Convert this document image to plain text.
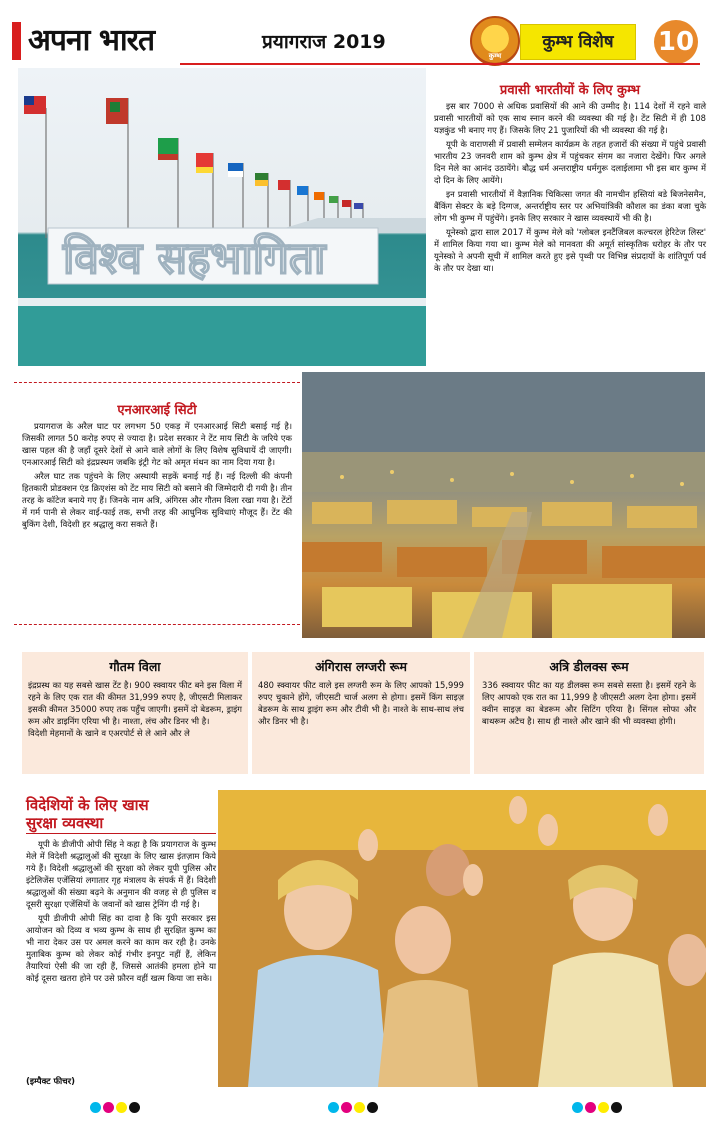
अपना भारत	प्रयागराज 2019
कुम्भ
कुम्भ विशेष	10
विश्व सहभागिता
प्रवासी भारतीयों के लिए कुम्भ

इस बार 7000 से अधिक प्रवासियों की आने की उम्मीद है। 114 देशों में रहने वाले प्रवासी भारतीयों को एक साथ स्नान करने की व्यवस्था की गई है। टेंट सिटी में ही 108 यज्ञकुंड भी बनाए गए हैं। जिसके लिए 21 पुजारियों की भी व्यवस्था की गई है।

यूपी के वाराणसी में प्रवासी सम्मेलन कार्यक्रम के तहत हजारों की संख्या में पहुंचे प्रवासी भारतीय 23 जनवरी शाम को कुम्भ क्षेत्र में पहुंचकर संगम का नजारा देखेंगे। फिर अगले दिन मेले का आनंद उठायेंगे। बौद्ध धर्म अन्तराष्ट्रीय धर्मगुरू दलाईलामा भी इस बार कुम्भ में दो दिन के लिए आयेंगे।

इन प्रवासी भारतीयों में वैज्ञानिक चिकित्सा जगत की नामचीन हस्तियां बडे बिजनेसमैन, बैंकिंग सेक्टर के बड़े दिग्गज, अन्तर्राष्ट्रीय स्तर पर अभियांत्रिकी कौशल का डंका बजा चुके लोग भी कुम्भ में पहुंचेंगे। इनके लिए सरकार ने खास व्यवस्थायें भी की है।

यूनेस्को द्वारा साल 2017 में कुम्भ मेले को 'ग्लोबल इनटैंजिबल कल्चरल हेरिटेज लिस्ट' में शामिल किया गया था। कुम्भ मेले को मानवता की अमूर्त सांस्कृतिक धरोहर के तौर पर यूनेस्को ने अपनी सूची में शामिल करते हुए इसे पृथ्वी पर विभिन्न संप्रदायों के शांतिपूर्ण पर्व के तौर पर देखा था।

एनआरआई सिटी

प्रयागराज के अरैल घाट पर लगभग 50 एकड़ में एनआरआई सिटी बसाई गई है। जिसकी लागत 50 करोड़ रुपए से ज्यादा है। प्रदेश सरकार ने टेंट माय सिटी के जरिये एक खास पहल की है जहाँ दूसरे देशों से आने वाले लोगों के लिए विशेष सुविधायें दी जाएगी। एनआरआई सिटी को इंद्रप्रस्थम जबकि इंट्री गेट को अमृत मंथन का नाम दिया गया है।

अरैल घाट तक पहुंचने के लिए अस्थायी सड़कें बनाई गई हैं। नई दिल्ली की कंपनी हितकारी प्रोडक्शन एंड क्रिएशंस को टेंट माय सिटी को बसाने की जिम्मेदारी दी गयी है। तीन तरह के कॉटेज बनाये गए हैं। जिनके नाम अत्रि, अंगिरस और गौतम विला रखा गया है। टेंटों में गर्म पानी से लेकर वाई-फाई तक, सभी तरह की आधुनिक सुविधाएं मौजूद हैं। टेंट की बुकिंग देशी, विदेशी हर श्रद्धालु करा सकते हैं।

गौतम विला
इंद्रप्रस्थ का यह सबसे खास टेंट है। 900 स्क्वायर फीट बने इस विला में रहने के लिए एक रात की कीमत 31,999 रुपए है, जीएसटी मिलाकर इसकी कीमत 35000 रुपए तक पहुँच जाएगी। इसमें दो बेडरूम, ड्राइंग रूम और डाइनिंग एरिया भी है। नाश्ता, लंच और डिनर भी है।
विदेशी मेहमानों के खाने व एअरपोर्ट से ले आने और ले
अंगिरास लग्जरी रूम
480 स्क्वायर फीट वाले इस लग्जरी रूम के लिए आपको 15,999 रुपए चुकाने होंगे, जीएसटी चार्ज अलग से होगा। इसमें किंग साइज़ बेडरूम के साथ ड्राइंग रूम और टीवी भी है। नाश्ते के साथ-साथ लंच और डिनर भी है।
अत्रि डीलक्स रूम
336 स्क्वायर फीट का यह डीलक्स रूम सबसे सस्ता है। इसमें रहने के लिए आपको एक रात का 11,999 है जीएसटी अलग देना होगा। इसमें क्वीन साइज़ का बेडरूम और सिटिंग एरिया है। सिंगल सोफा और बाथरूम अटैच है। साथ ही नाश्ते और खाने की भी व्यवस्था होगी।
विदेशियों के लिए खास
सुरक्षा व्यवस्था

यूपी के डीजीपी ओपी सिंह ने कहा है कि प्रयागराज के कुम्भ मेले में विदेशी श्रद्धालुओं की सुरक्षा के लिए खास इंतज़ाम किये गये हैं। विदेशी श्रद्धालुओं की सुरक्षा को लेकर यूपी पुलिस और इंटेलिजेंस एजेंसियां लगातार गृह मंत्रालय के संपर्क में हैं। विदेशी श्रद्धालुओं की संख्या बढ़ने के अनुमान की वजह से ही पुलिस व दूसरी सुरक्षा एजेंसियों के जवानों को खास ट्रेनिंग दी गई है।

यूपी डीजीपी ओपी सिंह का दावा है कि यूपी सरकार इस आयोजन को दिव्य व भव्य कुम्भ के साथ ही सुरक्षित कुम्भ का भी नारा देकर उस पर अमल करने का काम कर रही है। उनके मुताबिक कुम्भ को लेकर कोई गंभीर इनपुट नहीं हैं, लेकिन तैयारियां ऐसी की जा रही हैं, जिससे आतंकी हमला होने या कोई दूसरा खतरा होने पर उसे फ़ौरन वहीं खत्म किया जा सके।

(इम्पैक्ट फीचर)
